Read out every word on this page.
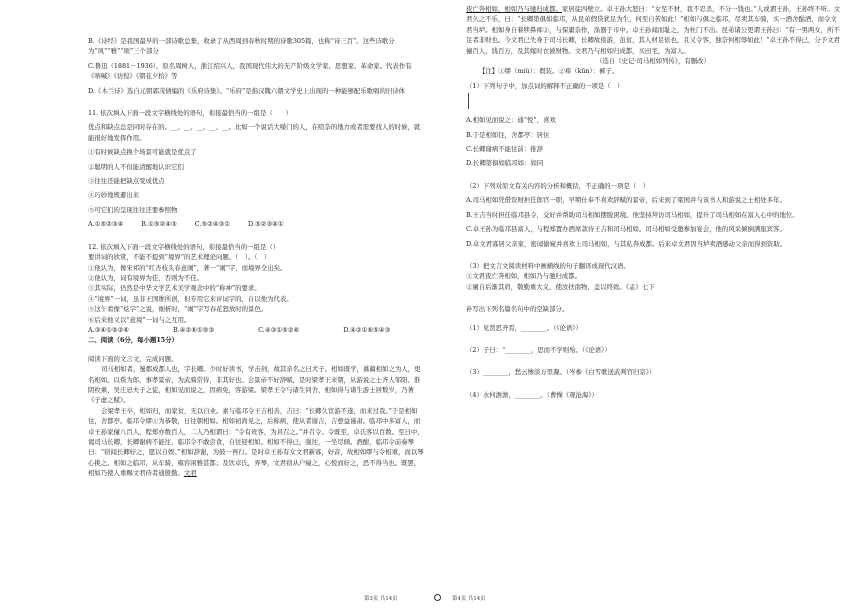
B.《诗经》是我国最早的一部诗歌总集，收录了从西周到春秋时期的诗歌305篇，也称“诗三百”。这些诗歌分为“风”“雅”“颂”三个部分

C.鲁迅（1881－1936），原名周树人，浙江绍兴人，我国现代伟大的无产阶级文学家、思想家、革命家。代表作有《呐喊》《彷徨》《朝花夕拾》等

D.《木兰诗》选自元朝郭茂倩编的《乐府诗集》。“乐府”是指汉魏六朝文学史上出现的一种能够配乐歌唱的旧诗体

11. 依次填入下面一段文字横线处的语句，衔接最恰当的一组是（　　）

优点和缺点总是同时存在的。__、__、__、__、__。比如一个说话大嗓门的人，在喧杂的地方或者需要找人的时候，就能很好地发挥作用。

①有时候缺点换个场景可能就是优点了

②聪明的人不但能清醒地认识它们

③往往还能把缺点变成优点

④巧妙地规避出来

⑤可它们的呈现往往还要参照物

A.①⑤②③④	B.①⑤②④③	C.⑤②④③①	D.⑤②③④①

12. 依次填入下面一段文字横线处的语句，衔接最恰当的一组是（）

要讲词的欣赏，不能不提到“境界”的艺术理论问题。（　）。（　）

①他认为，像宋祁的“红杏枝头春意闹”，著一“闹”字，而境界全出矣。

②他认为，词有境界为佳，否则为不佳。

③其实际，仍然是中华文学艺术美学观念中的“称神”的要求。

④“境界”一词，虽非王国维所创，但专用它来评词宇的，自以他为代表。

⑤这午看像“炫字”之说，细析时，“闹”字写春花怒放时的景色。

⑥后来他又以“意境”一词与之互用。

A.③④①⑤②⑥	B.④②⑥①⑤③	C.④③①⑤②⑥	D.④②①⑥⑤④③

二、阅读（6分，每小题15分）

阅读下面的文言文，完成问题。

司马相如者，蜀郡成都人也，字长卿。少时好读书，学击剑，故其亲名之曰犬子。相如既学，慕蔺相如之为人，更名相如。以赀为郎，事孝景帝，为武骑常侍，非其好也。会景帝不好辞赋，是时梁孝王来朝，从游说之士齐人邹阳、淮阴枚乘、吴庄忌夫子之徒，相如见而说之，因病免，客游梁。梁孝王令与诸生同舍，相如得与诸生游士居数岁，乃著《子虚之赋》。

会梁孝王卒，相如归，而家贫，无以自业。素与临邛令王吉相善，吉曰：“长卿久宦游不遂，而来过我。”于是相如往，舍都亭。临邛令缪①为恭敬，日往朝相如。相如初尚见之，后称病，使从者谢吉，吉愈益谨肃。临邛中多富人，而卓王孙家僮八百人，程郑亦数百人，二人乃相谓曰：“令有贵客，为具召之。”并召令。令既至，卓氏客以百数。至日中，谒司马长卿，长卿谢病不能往，临邛令不敢尝食，自往迎相如。相如不得已，强往，一坐尽倾。酒酣，临邛令前奏琴曰：“窃闻长卿好之，愿以自娱。”相如辞谢，为鼓一再行。是时卓王孙有女文君新寡，好音，故相如缪与令相重，而以琴心挑之。相如之临邛，从车骑，雍容闲雅甚都；及饮卓氏，弄琴，文君窃从户窥之，心悦而好之，恐不得当也。既罢，相如乃使人重赐文君侍者通殷勤。文君

夜亡奔相如，相如乃与驰归成都。家居徒四壁立。卓王孙大怒曰：“女至不材，我不忍杀，不分一钱也。”人或谓王孙，王孙终不听。文君久之不乐，曰：“长卿第俱如临邛，从昆弟假贷犹足为生，何至自苦如此！”相如与俱之临邛，尽卖其车骑，买一酒舍酤酒，而令文君当垆。相如身自着犊鼻裈②，与保庸杂作，涤器于市中。卓王孙闻而耻之，为杜门不出。昆弟诸公更谓王孙曰：“有一男两女，所不足者非财也。今文君已失身于司马长卿，长卿故倦游，虽贫，其人材足依也，且又令客，独奈何相辱如此！”卓王孙不得已，分予文君僮百人，钱百万，及其嫁时衣被财物。文君乃与相如归成都，买田宅，为富人。

（选自《史记·司马相如列传》，有删改）

【注】①缪（miù）：假装。②裈（kūn）：裤子。

（1）下列句子中，加点词的解释不正确的一项是（　）

A.相如见而说之：通“悦”，喜欢

B.于是相如往，舍都亭：居住

C.长卿谢病不能往前：推辞

D.长卿第俱如临邛如：如同

（2）下列对原文有关内容的分析和概括，不正确的一项是（　）

A.司马相如凭借资财担任郎官一职，早期仕奉不喜欢辞赋的景帝，后来到了梁国并与该书人和游说之士相处多年。

B.王吉当时担任临邛县令，交好并帮助司马相如摆脱困境。他坚持拜访司马相如，提升了司马相如在富人心中的地位。

C.卓王孙为临邛县富人，与程郑置办酒席款待王吉和司马相如。司马相如受邀参加宴会，他的风采倾倒满座宾客。

D.卓文君寡居父亲家，密闻偷窥并喜欢上司马相如，与其私奔成都。后来卓文君因当垆卖酒感动父亲而得到资助。

（3）把文言文阅读材料中画横线的句子翻译成现代汉语。

①文君夜亡奔相如，相如乃与驰归成都。

②屠自后渐其肩，敬勤重大义，使汝扶南物，盖以终致。《孟》七下

补写出下列名篇名句中的空缺部分。

（1）见贤思齐焉，________。（《论语》）

（2）子曰：“________，思而不学则殆。（《论语》）

（3）________，愁云惨淡万里凝。（岑参《白雪歌送武判官归京》）

（4）水何澹澹，________。（曹操《观沧海》）

第3页 共14页	第4页 共14页
